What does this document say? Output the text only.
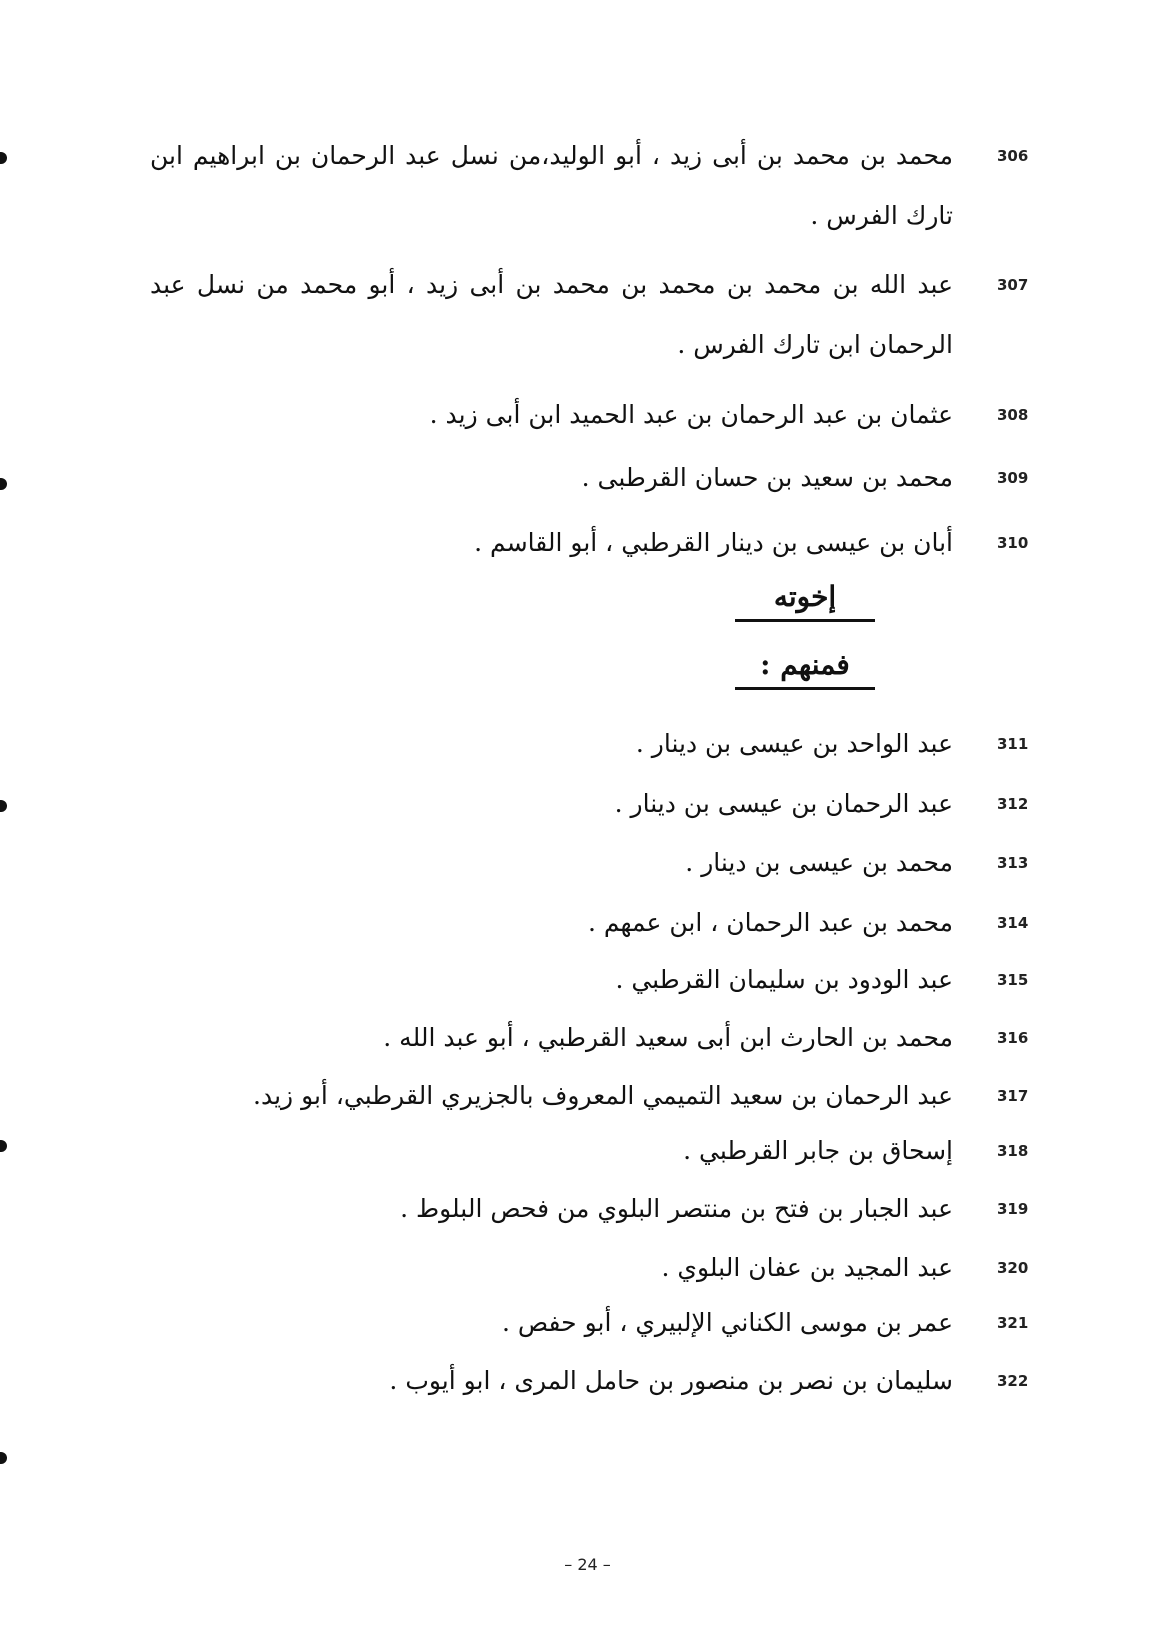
306
محمد بن محمد بن أبى زيد ، أبو الوليد،من نسل عبد الرحمان بن ابراهيم ابن تارك الفرس .
307
عبد الله بن محمد بن محمد بن محمد بن أبى زيد ، أبو محمد من نسل عبد الرحمان ابن تارك الفرس .
308
عثمان بن عبد الرحمان بن عبد الحميد ابن أبى زيد .
309
محمد بن سعيد بن حسان القرطبى .
310
أبان بن عيسى بن دينار القرطبي ، أبو القاسم .
إخوته
فمنهم :
311
عبد الواحد بن عيسى بن دينار .
312
عبد الرحمان بن عيسى بن دينار .
313
محمد بن عيسى بن دينار .
314
محمد بن عبد الرحمان ، ابن عمهم .
315
عبد الودود بن سليمان القرطبي .
316
محمد بن الحارث ابن أبى سعيد القرطبي ، أبو عبد الله .
317
عبد الرحمان بن سعيد التميمي المعروف بالجزيري القرطبي، أبو زيد.
318
إسحاق بن جابر القرطبي .
319
عبد الجبار بن فتح بن منتصر البلوي من فحص البلوط .
320
عبد المجيد بن عفان البلوي .
321
عمر بن موسى الكناني الإلبيري ، أبو حفص .
322
سليمان بن نصر بن منصور بن حامل المرى ، ابو أيوب .
– 24 –
